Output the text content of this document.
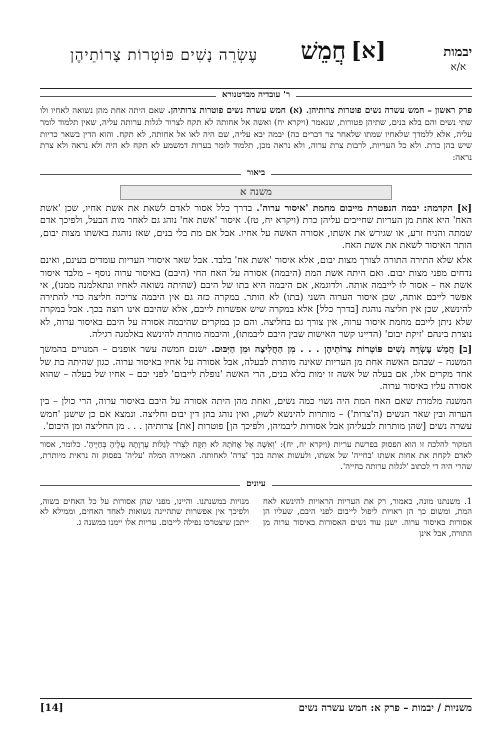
יבמות
א/א
[א]
חֲמֵשׁ
עֶשְׂרֵה נָשִׁים פּוֹטְרוֹת צָרוֹתֵיהֶן
ר' עובדיה מברטנורא
פרק ראשון – חמש עשרה נשים פוטרות צרותיהן. (א) חמש עשרה נשים פוטרות צרותיהן. שאם היתה אחת מהן נשואה לאחיו ולו שתי נשים והם בלא בנים, שתיהן פטורות, שנאמר (ויקרא יח) ואשה אל אחותה לא תקח לצרור לגלות ערותה עליה, שאין תלמוד לומר עליה, אלא ללמדך שלאחיו שמתו שלאחר צר דברים כה) יבמה יבא עליה, שם היה לאו אל אחותה, לא תקח. והוא הדין בשאר כריות שיש בהן כרת. ולא כל העריות, לרבות צרת ערוה, ולא נראה מכן, תלמוד לומר בערות דמשמע לא תקח לא היה ולא נראה ולא צרת נראה:
ביאור
משנה א

[א] הקדמה: יבמה הנפטרת מייבום מחמת 'איסור ערוה'. בדרך כלל אסור לאדם לשאת את אשת אחיו, שכן 'אשת האח' היא אחת מן העריות שחייבים עליהן כרת (ויקרא יח, טז). איסור 'אשת אח' נוהג גם לאחר מות הבעל, ולפיכך אדם שמתה והניח זרע, או שגירש את אשתו, אסורה האשה על אחיו. אבל אם מת בלי בנים, שאז נוהגת באשתו מצות יבום, הותר האיסור לשאת את אשת האח.

אלא שלא התירה התורה לצורך מצות יבום, אלא איסור 'אשת אח' בלבד. אבל שאר איסורי העריות עומדים בעינם, ואינם נדחים מפני מצות יבום. ואם היתה אשת המת (היבמה) אסורה על האח החי (היבם) באיסור ערוה נוסף – מלבד איסור אשת אח – אסור לו לייבמה אותה. ולדוגמא, אם היבמה היא בתו של היבם (שהיתה נשואה לאחיו ונתאלמנה ממנו), אי אפשר לייבם אותה, שכן איסור הערוה השני (בתו) לא הותר. במקרה כזה גם אין היבמה צריכה חליצה כדי להתירה להינשא, שכן אין חליצה נוהגת [בדרך כלל] אלא במקרה שיש אפשרות לייבם, אלא שהיבם אינו רוצה בכך. אבל במקרה שלא ניתן לייבם מחמת איסור ערוה, אין צורך גם בחליצה. והם כן במקרים שהיבמה אסורה על היבם באיסור ערוה, לא נוצרת בינהם 'זיקת יבום' (הדיינו קשר האישות שבין היבם ליבמתו), והיבמה מותרת להינשא באלמנה רגילה.

[ב] חֲמֵשׁ עֶשְׂרֵה נָשִׁים פּוֹטְרוֹת צָרוֹתֵיהֶן . . . מִן הַחֲלִיצָה וּמִן הַיִּבּוּם. ישנם חמשה עשר אופנים – המנויים בהמשך המשנה – שבהם האשה אחת מן העריות שאינה מותרת לבעלה, אבל אסורה על אחיו באיסור ערוה. כגון שהיתה בת של אחד מקרים אלו, אם בעלה של אשה זו ימות בלא בנים, הרי האשה 'נופלת לייבום' לפני יבם – אחיו של בעלה – שהוא אסורה עליו באיסור ערוה.

המשנה מלמדת שאם האח המת היה נשוי כמה נשים, ואחת מהן היתה אסורה על היבם באיסור ערוה, הרי כולן – בין הערוה ובין שאר הנשים (ה'צרות') – מותרות להינשא לשוק, ואין נוהג בהן דין יבום וחליצה. ונמצא אם כן שישנן 'חמש עשרה נשים [שהן מותרות לבעליהן אבל אסורות ליבמיהן, ולפיכך הן] פוטרות [את] צרותיהן . . . מן החליצה ומן היבום'.

המקור להלכה זו הוא הפסוק בפרשת עריות (ויקרא יח, יח): 'וְאִשָּׁה אֶל אֲחֹתָהּ לֹא תִקָּח לִצְרֹר לְגַלּוֹת עֶרְוָתָהּ עָלֶיהָ בְּחַיֶּיהָ'. כלומר, אסור לאדם לקחת את אחות אשתו 'בחייה' של אשתו, ולעשות אותה בכך 'צרה' לאחותה. האמירה המלה 'עליה' בפסוק זה נראית מיותרת, שהרי היה די לכתוב 'לגלות ערותה בחייה'.
עיונים
1. משנתנו מונה, כאמור, רק את העריות הראויות להינשא לאח המת, ומשום כך הן ראויות ליפול לייבום לפני היבם, שעליו הן אסורות באיסור ערוה. ישנן עוד נשים האסורות באיסור ערוה מן התורה, אבל אינן
מנויות במשנתנו. והיינו, מפני שהן אסורות על כל האחים בשוה, ולפיכך אין אפשרות שתהיינה נשואות לאחד האחים, וממילא לא ייתכן שיצטרכו נפילה לייבום. עריות אלו יימנו במשנה ג.
משניות / יבמות – פרק א: חמש עשרה נשים
[14]
